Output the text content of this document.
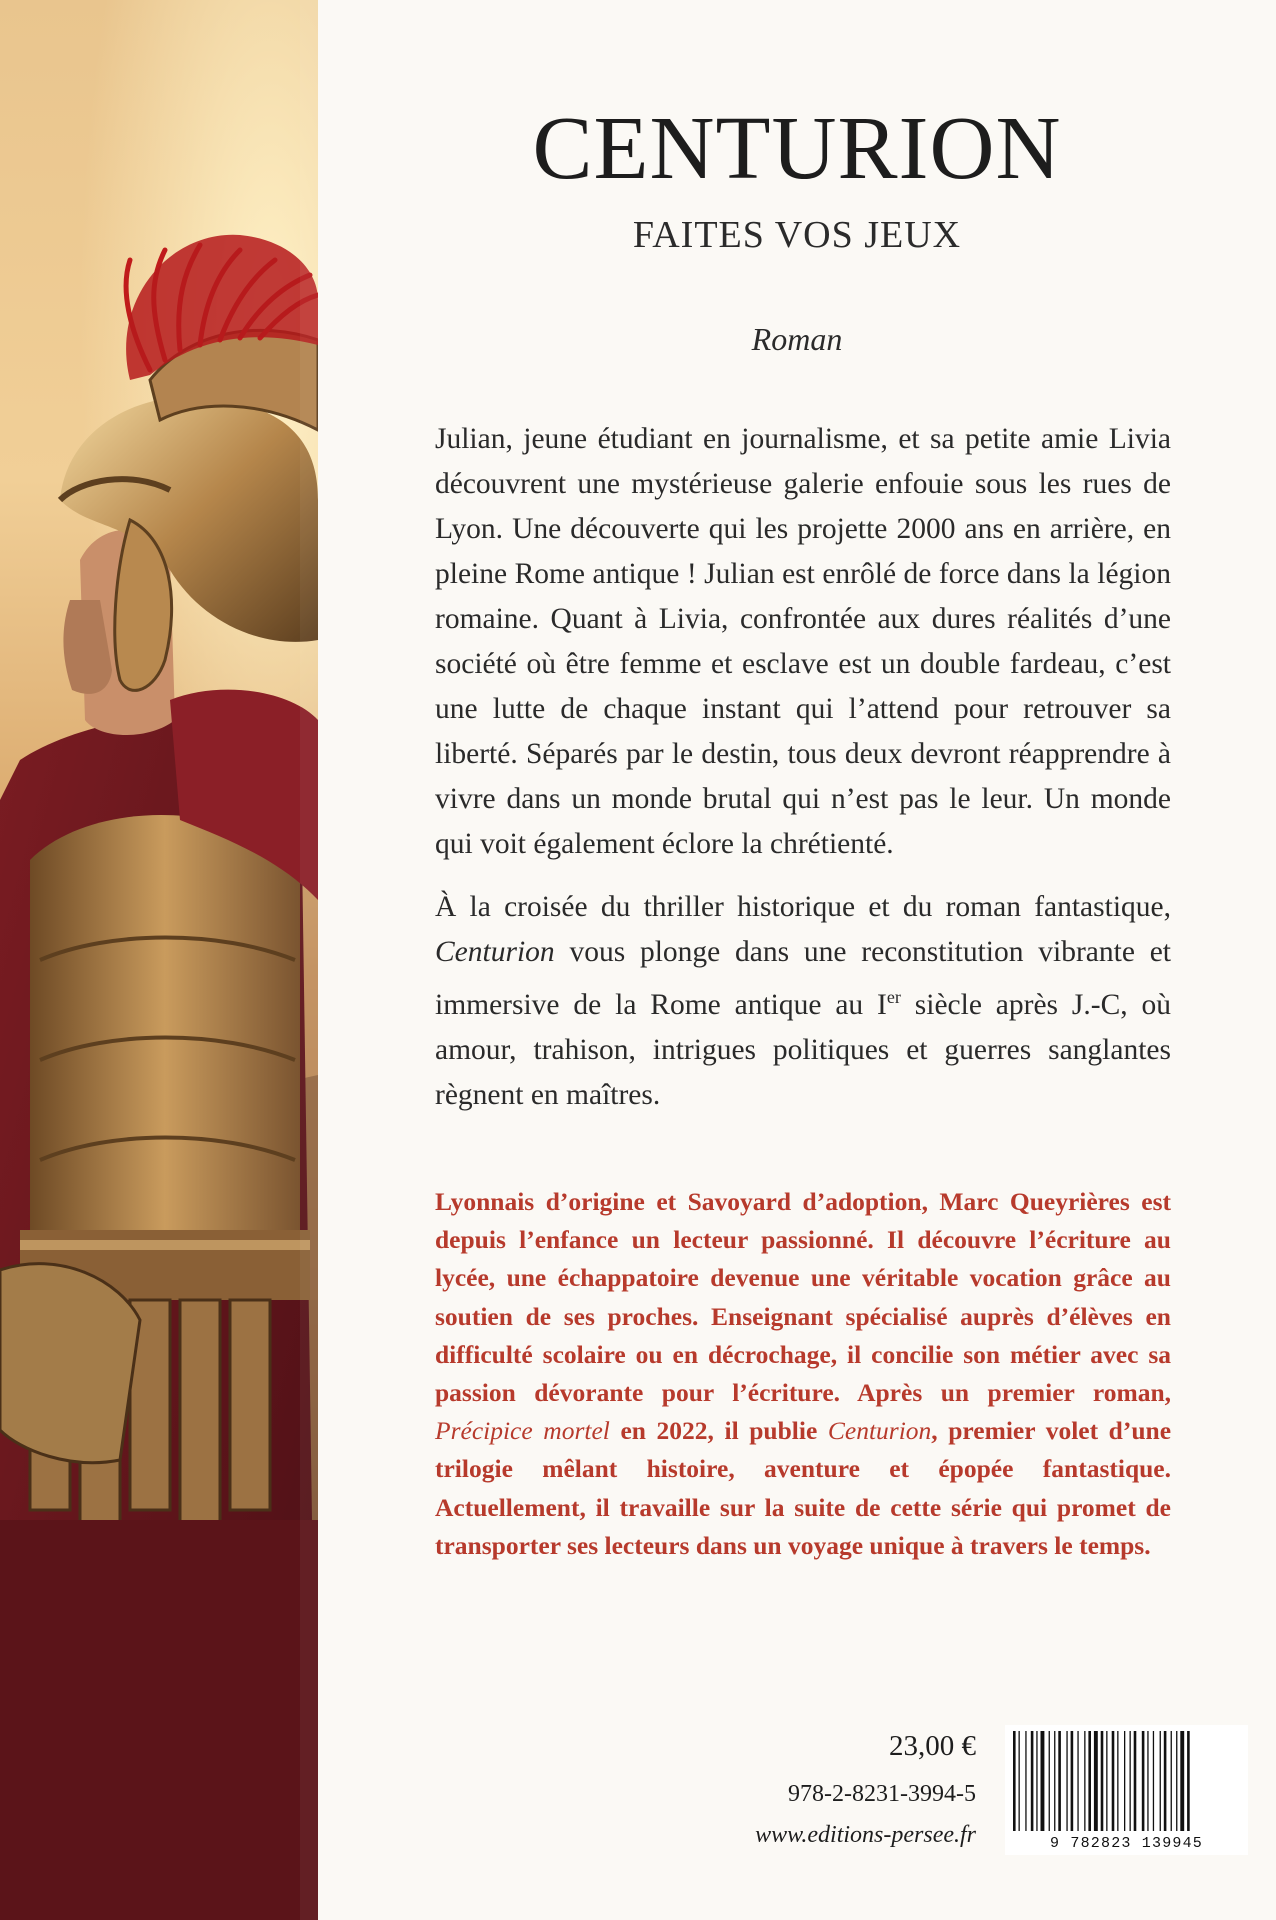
CENTURION
FAITES VOS JEUX
Roman

Julian, jeune étudiant en journalisme, et sa petite amie Livia découvrent une mystérieuse galerie enfouie sous les rues de Lyon. Une découverte qui les projette 2000 ans en arrière, en pleine Rome antique ! Julian est enrôlé de force dans la légion romaine. Quant à Livia, confrontée aux dures réalités d’une société où être femme et esclave est un double fardeau, c’est une lutte de chaque instant qui l’attend pour retrouver sa liberté. Séparés par le destin, tous deux devront réapprendre à vivre dans un monde brutal qui n’est pas le leur. Un monde qui voit également éclore la chrétienté.

À la croisée du thriller historique et du roman fantastique, Centurion vous plonge dans une reconstitution vibrante et immersive de la Rome antique au Ier siècle après J.-C, où amour, trahison, intrigues politiques et guerres sanglantes règnent en maîtres.

Lyonnais d’origine et Savoyard d’adoption, Marc Queyrières est depuis l’enfance un lecteur passionné. Il découvre l’écriture au lycée, une échappatoire devenue une véritable vocation grâce au soutien de ses proches. Enseignant spécialisé auprès d’élèves en difficulté scolaire ou en décrochage, il concilie son métier avec sa passion dévorante pour l’écriture. Après un premier roman, Précipice mortel en 2022, il publie Centurion, premier volet d’une trilogie mêlant histoire, aventure et épopée fantastique. Actuellement, il travaille sur la suite de cette série qui promet de transporter ses lecteurs dans un voyage unique à travers le temps.

23,00 €
978-2-8231-3994-5
www.editions-persee.fr	9 782823 139945
